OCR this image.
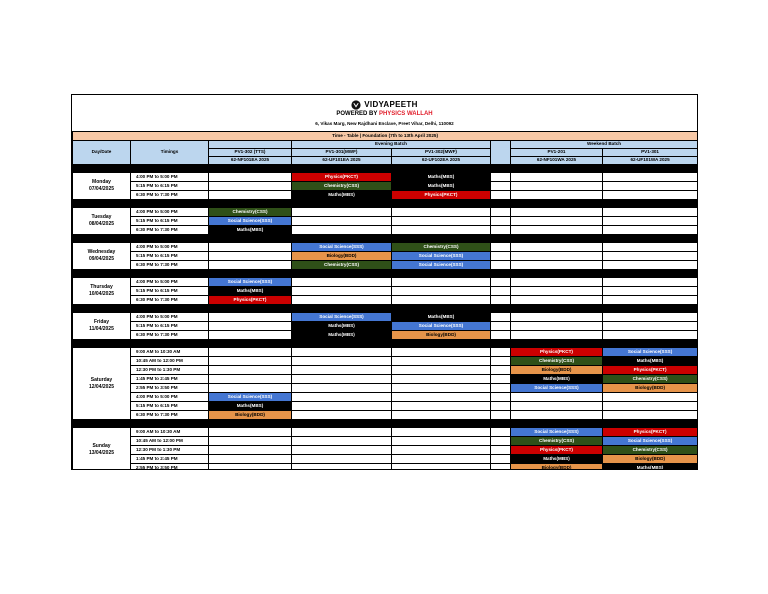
VIDYAPEETH
POWERED BY PHYSICS WALLAH
6, Vikas Marg, New Rajdhani Enclave, Preet Vihar, Delhi, 110092
Time - Table | Foundation (7th to 13th April 2025)							
Day/Date	Timings		Evening Batch			Weekend Batch	
		PV1-302 (TTS)	PV1-301(MWF)	PV1-302(MWF)		PV1-201	PV1-301
		62-NF101EA 2025	62-UF101EA 2025	62-UF102EA 2025		62-NF101WA 2025	62-UF101WA 2025

Monday
07/04/2025	4:00 PM to 5:00 PM		Physics(PKCT)	Maths(MBS)			
	5:15 PM to 6:15 PM		Chemistry(CSS)	Maths(MBS)			
	6:30 PM to 7:30 PM		Maths(MBS)	Physics(PKCT)			

Tuesday
08/04/2025	4:00 PM to 5:00 PM	Chemistry(CSS)					
	5:15 PM to 6:15 PM	Social Science(SSS)					
	6:30 PM to 7:30 PM	Maths(MBS)					

Wednesday
09/04/2025	4:00 PM to 5:00 PM		Social Science(SSS)	Chemistry(CSS)			
	5:15 PM to 6:15 PM		Biology(BDD)	Social Science(SSS)			
	6:30 PM to 7:30 PM		Chemistry(CSS)	Social Science(SSS)			

Thursday
10/04/2025	4:00 PM to 5:00 PM	Social Science(SSS)					
	5:15 PM to 6:15 PM	Maths(MBS)					
	6:30 PM to 7:30 PM	Physics(PKCT)					

Friday
11/04/2025	4:00 PM to 5:00 PM		Social Science(SSS)	Maths(MBS)			
	5:15 PM to 6:15 PM		Maths(MBS)	Social Science(SSS)			
	6:30 PM to 7:30 PM		Maths(MBS)	Biology(BDD)			

Saturday
12/04/2025	9:00 AM to 10:30 AM					Physics(PKCT)	Social Science(SSS)
	10:45 AM to 12:00 PM					Chemistry(CSS)	Maths(MBS)
	12:30 PM to 1:30 PM					Biology(BDD)	Physics(PKCT)
	1:45 PM to 2:45 PM					Maths(MBS)	Chemistry(CSS)
	2:55 PM to 3:50 PM					Social Science(SSS)	Biology(BDD)
	4:00 PM to 5:00 PM	Social Science(SSS)					
	5:15 PM to 6:15 PM	Maths(MBS)					
	6:30 PM to 7:30 PM	Biology(BDD)					

Sunday
13/04/2025	9:00 AM to 10:30 AM					Social Science(SSS)	Physics(PKCT)
	10:45 AM to 12:00 PM					Chemistry(CSS)	Social Science(SSS)
	12:30 PM to 1:30 PM					Physics(PKCT)	Chemistry(CSS)
	1:45 PM to 2:45 PM					Maths(MBS)	Biology(BDD)
	2:55 PM to 3:50 PM					Biology(BDD)	Maths(MBS)
